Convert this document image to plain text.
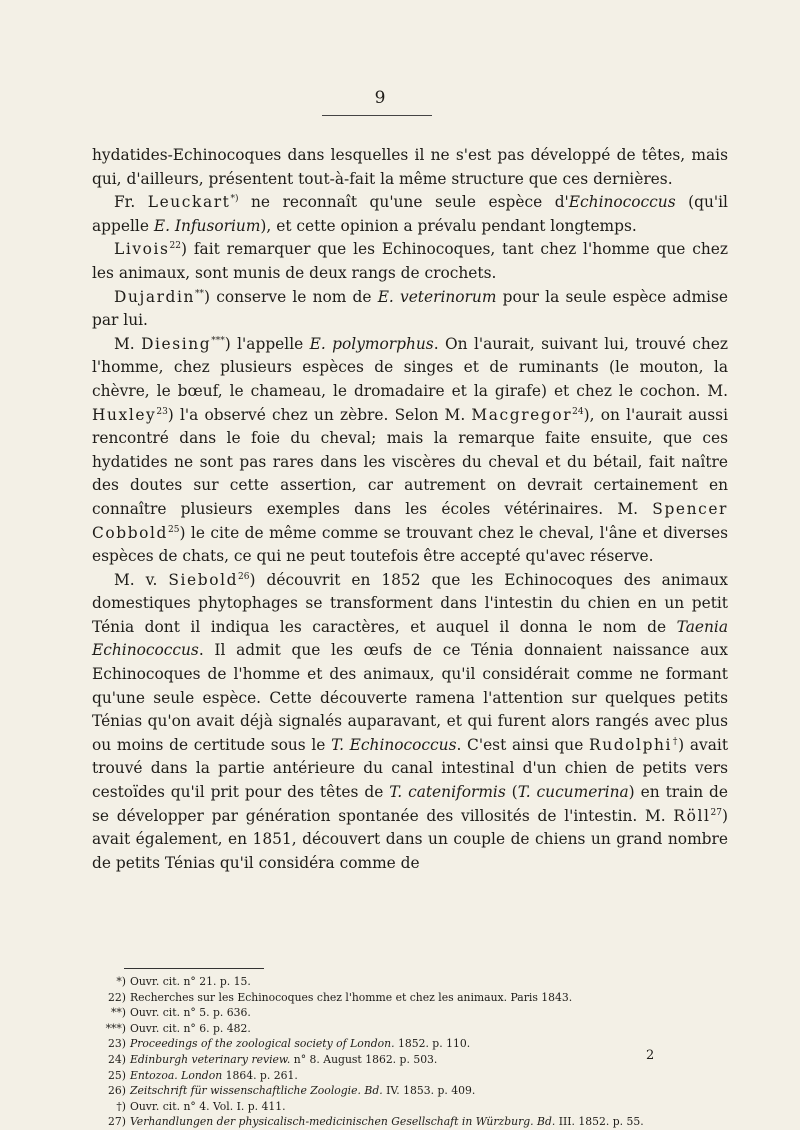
9

hydatides-Echinocoques dans lesquelles il ne s'est pas développé de têtes, mais qui, d'ailleurs, présentent tout-à-fait la même structure que ces dernières.

Fr. Leuckart*) ne reconnaît qu'une seule espèce d'Echinococcus (qu'il appelle E. Infusorium), et cette opinion a prévalu pendant longtemps.

Livois$^{22}$) fait remarquer que les Echinocoques, tant chez l'homme que chez les animaux, sont munis de deux rangs de crochets.

Dujardin**) conserve le nom de E. veterinorum pour la seule espèce admise par lui.

M. Diesing***) l'appelle E. polymorphus. On l'aurait, suivant lui, trouvé chez l'homme, chez plusieurs espèces de singes et de ruminants (le mouton, la chèvre, le bœuf, le chameau, le dromadaire et la girafe) et chez le cochon. M. Huxley$^{23}$) l'a observé chez un zèbre. Selon M. Macgregor$^{24}$), on l'aurait aussi rencontré dans le foie du cheval; mais la remarque faite ensuite, que ces hydatides ne sont pas rares dans les viscères du cheval et du bétail, fait naître des doutes sur cette assertion, car autrement on devrait certainement en connaître plusieurs exemples dans les écoles vétérinaires. M. Spencer Cobbold$^{25}$) le cite de même comme se trouvant chez le cheval, l'âne et diverses espèces de chats, ce qui ne peut toutefois être accepté qu'avec réserve.

M. v. Siebold$^{26}$) découvrit en 1852 que les Echinocoques des animaux domestiques phytophages se transforment dans l'intestin du chien en un petit Ténia dont il indiqua les caractères, et auquel il donna le nom de Taenia Echinococcus. Il admit que les œufs de ce Ténia donnaient naissance aux Echinocoques de l'homme et des animaux, qu'il considérait comme ne formant qu'une seule espèce. Cette découverte ramena l'attention sur quelques petits Ténias qu'on avait déjà signalés auparavant, et qui furent alors rangés avec plus ou moins de certitude sous le T. Echinococcus. C'est ainsi que Rudolphi†) avait trouvé dans la partie antérieure du canal intestinal d'un chien de petits vers cestoïdes qu'il prit pour des têtes de T. cateniformis (T. cucumerina) en train de se développer par génération spontanée des villosités de l'intestin. M. Röll$^{27}$) avait également, en 1851, découvert dans un couple de chiens un grand nombre de petits Ténias qu'il considéra comme de

*) Ouvr. cit. n° 21. p. 15.
22) Recherches sur les Echinocoques chez l'homme et chez les animaux. Paris 1843.
**) Ouvr. cit. n° 5. p. 636.
***) Ouvr. cit. n° 6. p. 482.
23) Proceedings of the zoological society of London. 1852. p. 110.
24) Edinburgh veterinary review. n° 8. August 1862. p. 503.
25) Entozoa. London 1864. p. 261.
26) Zeitschrift für wissenschaftliche Zoologie. Bd. IV. 1853. p. 409.
†) Ouvr. cit. n° 4. Vol. I. p. 411.
27) Verhandlungen der physicalisch-medicinischen Gesellschaft in Würzburg. Bd. III. 1852. p. 55.
2
